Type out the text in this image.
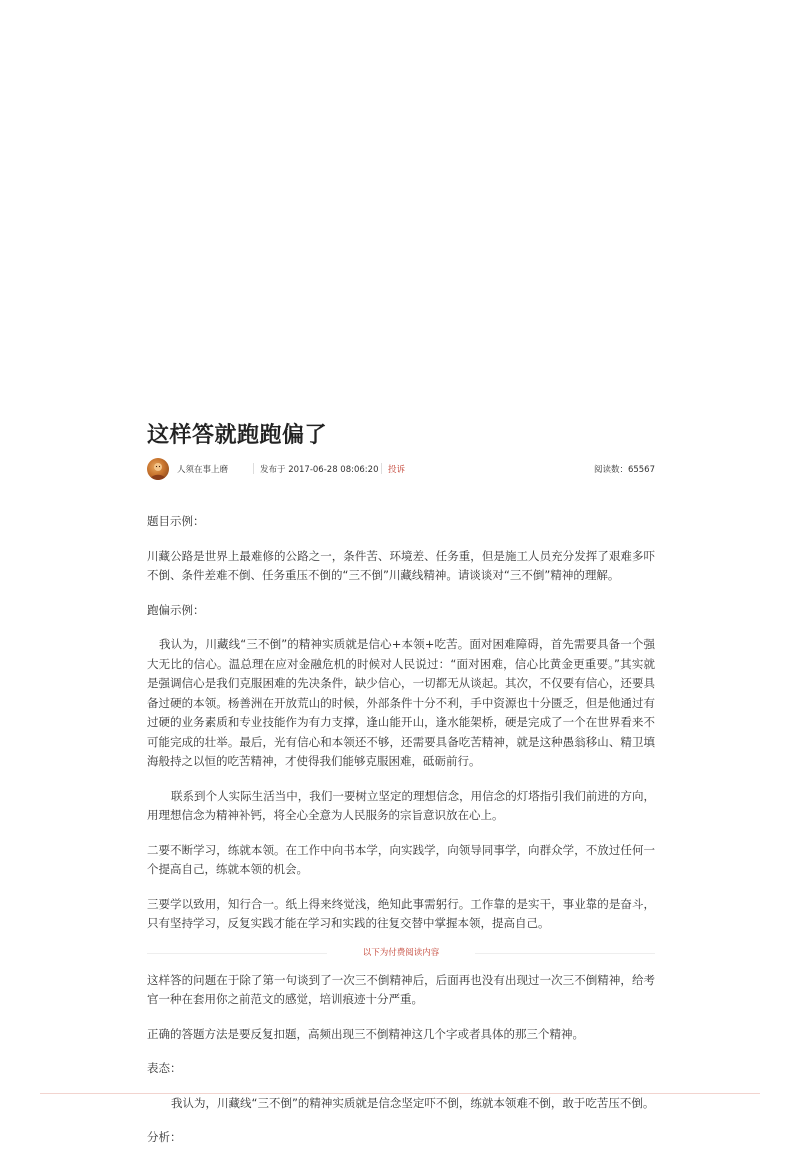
这样答就跑跑偏了
人须在事上磨	发布于 2017-06-28 08:06:20 投诉	阅读数：65567

题目示例：

川藏公路是世界上最难修的公路之一，条件苦、环境差、任务重，但是施工人员充分发挥了艰难多吓不倒、条件差难不倒、任务重压不倒的“三不倒”川藏线精神。请谈谈对“三不倒”精神的理解。

跑偏示例：

我认为，川藏线“三不倒”的精神实质就是信心+本领+吃苦。面对困难障碍，首先需要具备一个强大无比的信心。温总理在应对金融危机的时候对人民说过：“面对困难，信心比黄金更重要。”其实就是强调信心是我们克服困难的先决条件，缺少信心，一切都无从谈起。其次，不仅要有信心，还要具备过硬的本领。杨善洲在开放荒山的时候，外部条件十分不利，手中资源也十分匮乏，但是他通过有过硬的业务素质和专业技能作为有力支撑，逢山能开山，逢水能架桥，硬是完成了一个在世界看来不可能完成的壮举。最后，光有信心和本领还不够，还需要具备吃苦精神，就是这种愚翁移山、精卫填海般持之以恒的吃苦精神，才使得我们能够克服困难，砥砺前行。

联系到个人实际生活当中，我们一要树立坚定的理想信念，用信念的灯塔指引我们前进的方向，用理想信念为精神补钙，将全心全意为人民服务的宗旨意识放在心上。

二要不断学习，练就本领。在工作中向书本学，向实践学，向领导同事学，向群众学，不放过任何一个提高自己，练就本领的机会。

三要学以致用，知行合一。纸上得来终觉浅，绝知此事需躬行。工作靠的是实干，事业靠的是奋斗，只有坚持学习，反复实践才能在学习和实践的往复交替中掌握本领，提高自己。

以下为付费阅读内容

这样答的问题在于除了第一句谈到了一次三不倒精神后，后面再也没有出现过一次三不倒精神，给考官一种在套用你之前范文的感觉，培训痕迹十分严重。

正确的答题方法是要反复扣题，高频出现三不倒精神这几个字或者具体的那三个精神。

表态：

我认为，川藏线“三不倒”的精神实质就是信念坚定吓不倒，练就本领难不倒，敢于吃苦压不倒。

分析：
